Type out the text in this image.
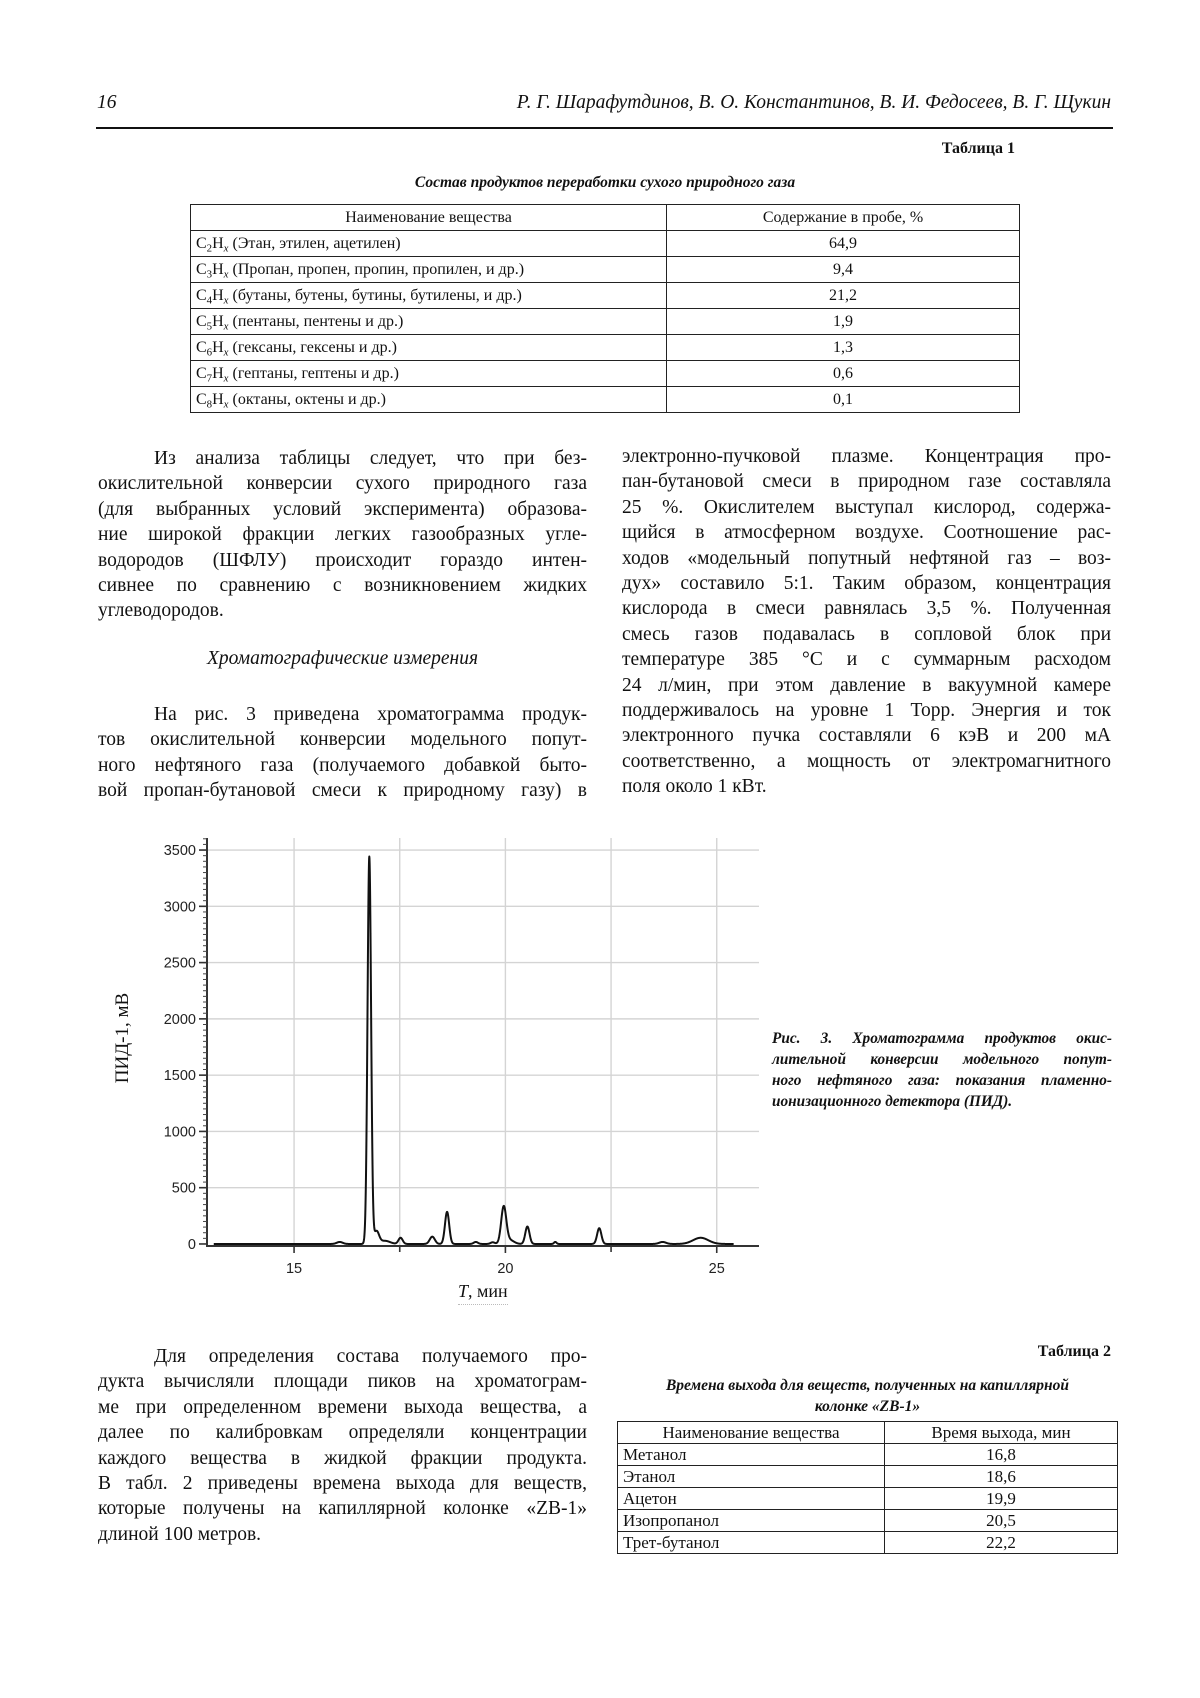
16	Р. Г. Шарафутдинов, В. О. Константинов, В. И. Федосеев, В. Г. Щукин
Таблица 1
Состав продуктов переработки сухого природного газа
Наименование вещества	Содержание в пробе, %
$C_2H_x$ (Этан, этилен, ацетилен)	64,9
$C_3H_x$ (Пропан, пропен, пропин, пропилен, и др.)	9,4
$C_4H_x$ (бутаны, бутены, бутины, бутилены, и др.)	21,2
$C_5H_x$ (пентаны, пентены и др.)	1,9
$C_6H_x$ (гексаны, гексены и др.)	1,3
$C_7H_x$ (гептаны, гептены и др.)	0,6
$C_8H_x$ (октаны, октены и др.)	0,1
Из анализа таблицы следует, что при без-
окислительной конверсии сухого природного газа
(для выбранных условий эксперимента) образова-
ние широкой фракции легких газообразных угле-
водородов (ШФЛУ) происходит гораздо интен-
сивнее по сравнению с возникновением жидких
углеводородов.
Хроматографические измерения
На рис. 3 приведена хроматограмма продук-
тов окислительной конверсии модельного попут-
ного нефтяного газа (получаемого добавкой быто-
вой пропан-бутановой смеси к природному газу) в
электронно-пучковой плазме. Концентрация про-
пан-бутановой смеси в природном газе составляла
25 %. Окислителем выступал кислород, содержа-
щийся в атмосферном воздухе. Соотношение рас-
ходов «модельный попутный нефтяной газ – воз-
дух» составило 5:1. Таким образом, концентрация
кислорода в смеси равнялась 3,5 %. Полученная
смесь газов подавалась в сопловой блок при
температуре 385 °С и с суммарным расходом
24 л/мин, при этом давление в вакуумной камере
поддерживалось на уровне 1 Торр. Энергия и ток
электронного пучка составляли 6 кэВ и 200 мА
соответственно, а мощность от электромагнитного
поля около 1 кВт.
0
500
1000
1500
2000
2500
3000
3500
15	20	25
ПИД-1, мВ
T, мин
Рис. 3. Хроматограмма продуктов окис-
лительной конверсии модельного попут-
ного нефтяного газа: показания пламенно-
ионизационного детектора (ПИД).
Для определения состава получаемого про-
дукта вычисляли площади пиков на хроматограм-
ме при определенном времени выхода вещества, а
далее по калибровкам определяли концентрации
каждого вещества в жидкой фракции продукта.
В табл. 2 приведены времена выхода для веществ,
которые получены на капиллярной колонке «ZB-1»
длиной 100 метров.
Таблица 2
Времена выхода для веществ, полученных на капиллярной
колонке «ZB-1»
Наименование вещества	Время выхода, мин
Метанол	16,8
Этанол	18,6
Ацетон	19,9
Изопропанол	20,5
Трет-бутанол	22,2
